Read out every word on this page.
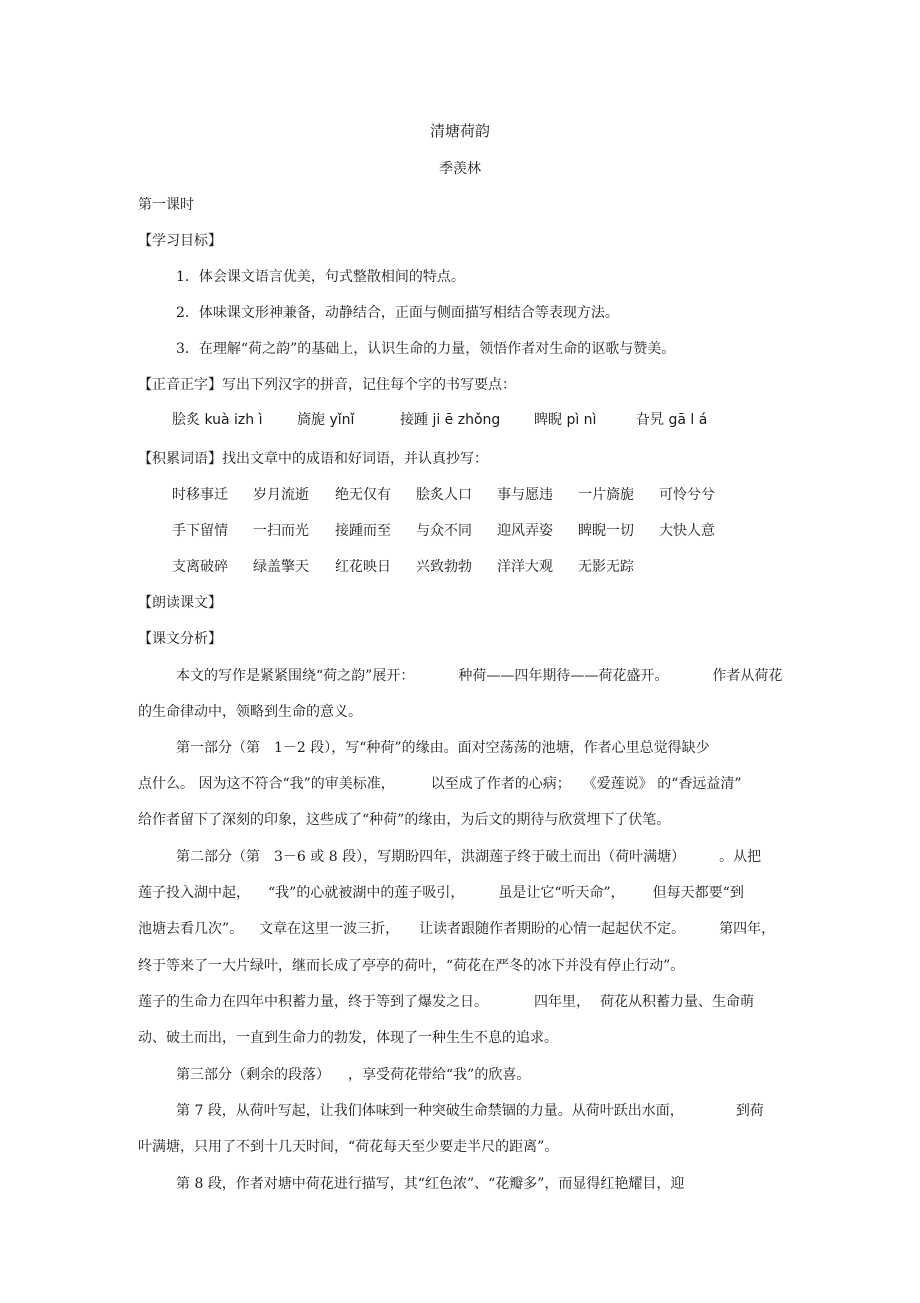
清塘荷韵
季羡林
第一课时
【学习目标】
1．体会课文语言优美，句式整散相间的特点。
2．体味课文形神兼备，动静结合，正面与侧面描写相结合等表现方法。
3．在理解“荷之韵”的基础上，认识生命的力量，领悟作者对生命的讴歌与赞美。
【正音正字】写出下列汉字的拼音，记住每个字的书写要点：
脍炙 kuà izh ì 旖旎 yǐnǐ	接踵 ji ē zhǒng 睥睨 pì nì	旮旯 gā l á
【积累词语】找出文章中的成语和好词语，并认真抄写：
时移事迁 岁月流逝 绝无仅有 脍炙人口 事与愿违 一片旖旎 可怜兮兮
手下留情 一扫而光 接踵而至 与众不同 迎风弄姿 睥睨一切 大快人意
支离破碎 绿盖擎天 红花映日 兴致勃勃 洋洋大观 无影无踪
【朗读课文】
【课文分析】
本文的写作是紧紧围绕“荷之韵”展开：	种荷——四年期待——荷花盛开。	作者从荷花
的生命律动中，领略到生命的意义。
第一部分（第 1－2 段），写“种荷”的缘由。面对空荡荡的池塘，作者心里总觉得缺少
点什么。 因为这不符合“我”的审美标准，	以至成了作者的心病； 《爱莲说》 的“香远益清”
给作者留下了深刻的印象，这些成了“种荷”的缘由，为后文的期待与欣赏埋下了伏笔。
第二部分（第 3－6 或 8 段），写期盼四年，洪湖莲子终于破土而出（荷叶满塘） 。从把
莲子投入湖中起， “我”的心就被湖中的莲子吸引， 虽是让它“听天命”， 但每天都要“到
池塘去看几次”。 文章在这里一波三折， 让读者跟随作者期盼的心情一起起伏不定。 第四年，
终于等来了一大片绿叶，继而长成了亭亭的荷叶，“荷花在严冬的冰下并没有停止行动”。
莲子的生命力在四年中积蓄力量，终于等到了爆发之日。	四年里， 荷花从积蓄力量、生命萌
动、破土而出，一直到生命力的勃发，体现了一种生生不息的追求。
第三部分（剩余的段落） ，享受荷花带给“我”的欣喜。
第 7 段，从荷叶写起，让我们体味到一种突破生命禁锢的力量。从荷叶跃出水面，	到荷
叶满塘，只用了不到十几天时间，“荷花每天至少要走半尺的距离”。
第 8 段，作者对塘中荷花进行描写，其“红色浓”、“花瓣多”，而显得红艳耀目，迎
